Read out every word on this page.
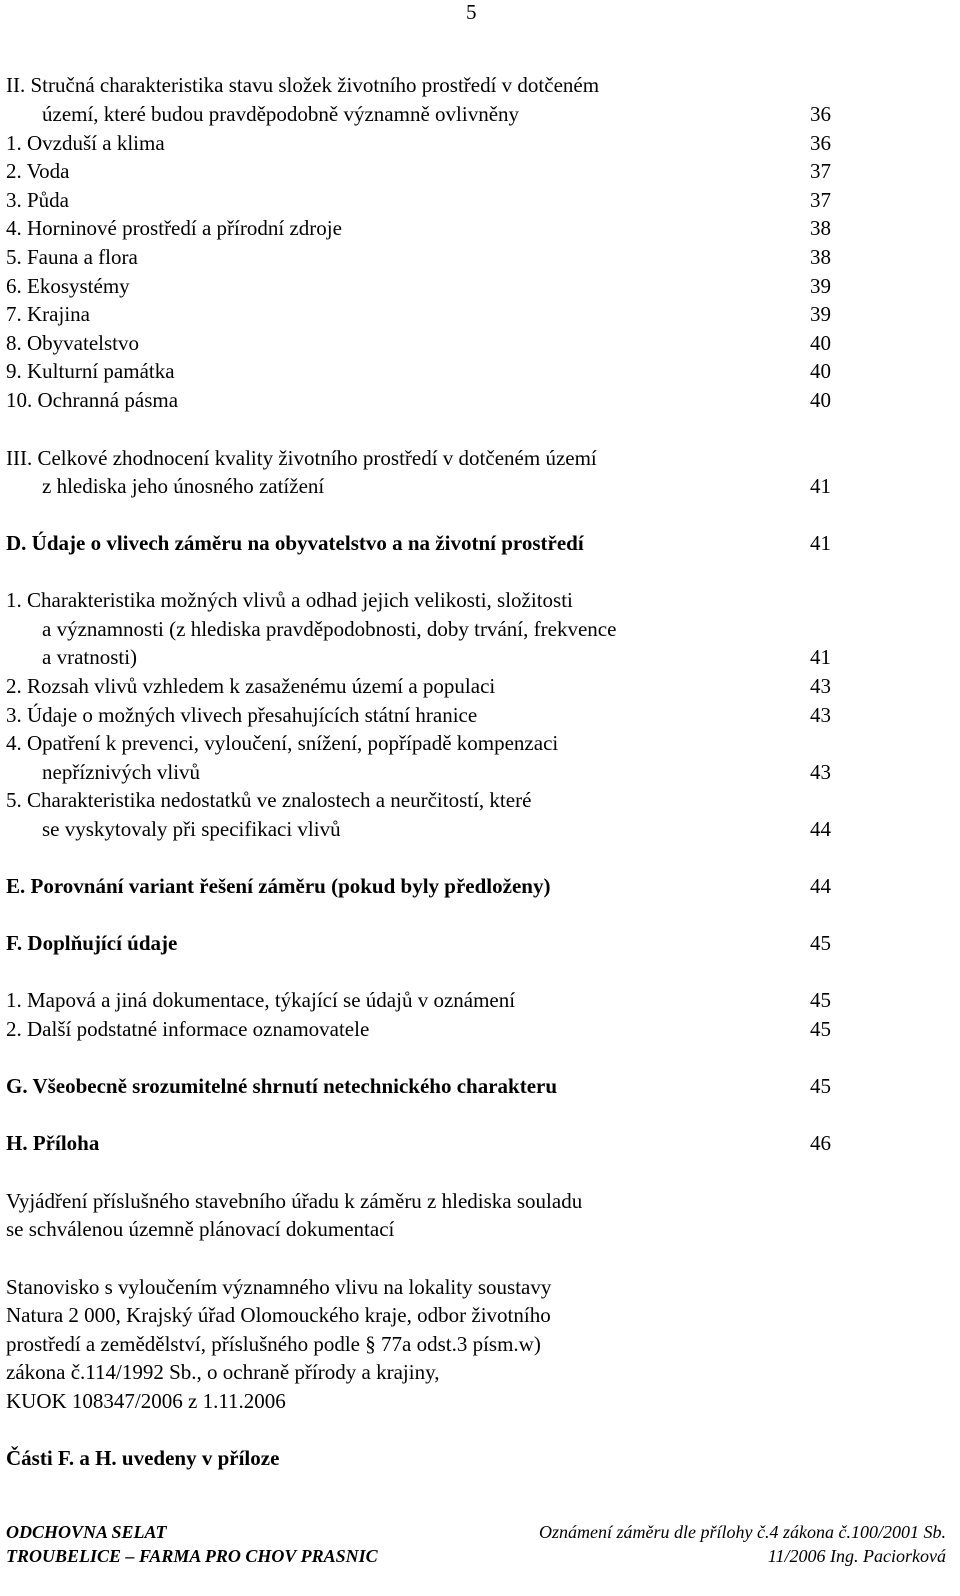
5
II. Stručná charakteristika stavu složek životního prostředí v dotčeném
území, které budou pravděpodobně významně ovlivněny	36
1. Ovzduší a klima	36
2. Voda	37
3. Půda	37
4. Horninové prostředí a přírodní zdroje	38
5. Fauna a flora	38
6. Ekosystémy	39
7. Krajina	39
8. Obyvatelstvo	40
9. Kulturní památka	40
10. Ochranná pásma	40
III. Celkové zhodnocení kvality životního prostředí v dotčeném území
z hlediska jeho únosného zatížení	41
D. Údaje o vlivech záměru na obyvatelstvo a na životní prostředí	41
1. Charakteristika možných vlivů a odhad jejich velikosti, složitosti
a významnosti (z hlediska pravděpodobnosti, doby trvání, frekvence
a vratnosti)	41
2. Rozsah vlivů vzhledem k zasaženému území a populaci	43
3. Údaje o možných vlivech přesahujících státní hranice	43
4. Opatření k prevenci, vyloučení, snížení, popřípadě kompenzaci
nepříznivých vlivů	43
5. Charakteristika nedostatků ve znalostech a neurčitostí, které
se vyskytovaly při specifikaci vlivů	44
E. Porovnání variant řešení záměru (pokud byly předloženy)	44
F. Doplňující údaje	45
1. Mapová a jiná dokumentace, týkající se údajů v oznámení	45
2. Další podstatné informace oznamovatele	45
G. Všeobecně srozumitelné shrnutí netechnického charakteru	45
H. Příloha	46
Vyjádření příslušného stavebního úřadu k záměru z hlediska souladu
se schválenou územně plánovací dokumentací
Stanovisko s vyloučením významného vlivu na lokality soustavy
Natura 2 000, Krajský úřad Olomouckého kraje, odbor životního
prostředí a zemědělství, příslušného podle § 77a odst.3 písm.w)
zákona č.114/1992 Sb., o ochraně přírody a krajiny,
KUOK 108347/2006 z 1.11.2006
Části F. a H. uvedeny v příloze
ODCHOVNA SELAT
TROUBELICE – FARMA PRO CHOV PRASNIC
Oznámení záměru dle přílohy č.4 zákona č.100/2001 Sb.
11/2006 Ing. Paciorková
